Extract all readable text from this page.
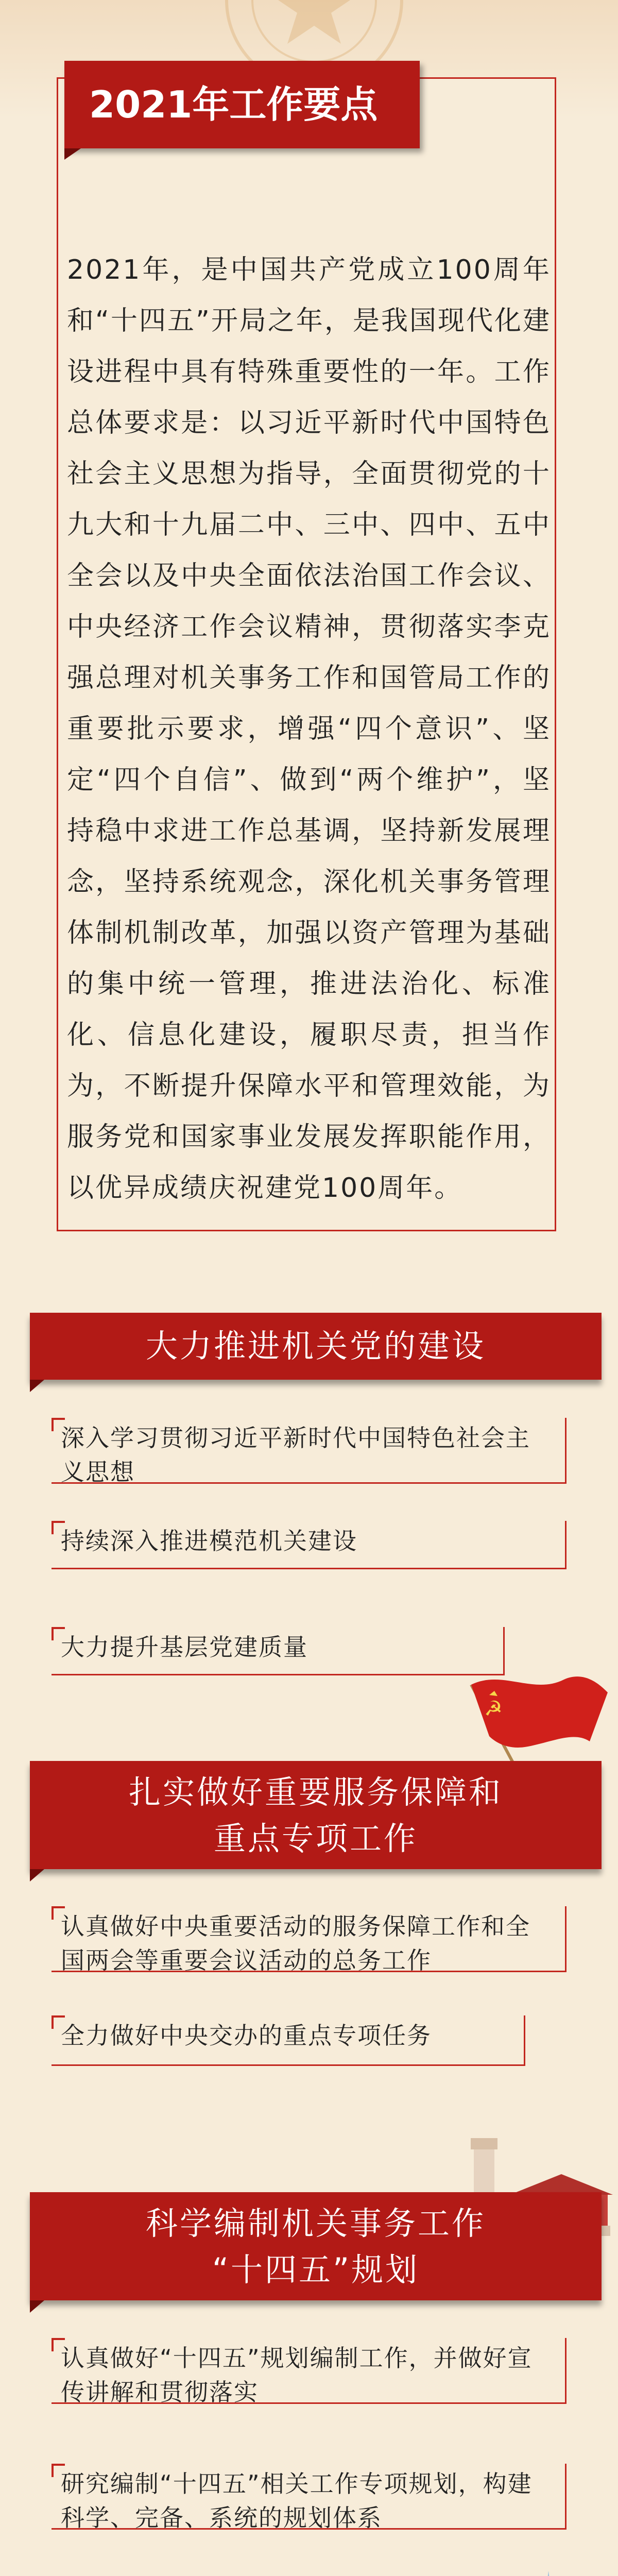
2021年工作要点
2021年，是中国共产党成立100周年和“十四五”开局之年，是我国现代化建设进程中具有特殊重要性的一年。工作总体要求是：以习近平新时代中国特色社会主义思想为指导，全面贯彻党的十九大和十九届二中、三中、四中、五中全会以及中央全面依法治国工作会议、中央经济工作会议精神，贯彻落实李克强总理对机关事务工作和国管局工作的重要批示要求，增强“四个意识”、坚定“四个自信”、做到“两个维护”，坚持稳中求进工作总基调，坚持新发展理念，坚持系统观念，深化机关事务管理体制机制改革，加强以资产管理为基础的集中统一管理，推进法治化、标准化、信息化建设，履职尽责，担当作为，不断提升保障水平和管理效能，为服务党和国家事业发展发挥职能作用，以优异成绩庆祝建党100周年。
大力推进机关党的建设
深入学习贯彻习近平新时代中国特色社会主义思想
持续深入推进模范机关建设
大力提升基层党建质量
☭
扎实做好重要服务保障和
重点专项工作
认真做好中央重要活动的服务保障工作和全国两会等重要会议活动的总务工作
全力做好中央交办的重点专项任务
科学编制机关事务工作
“十四五”规划
认真做好“十四五”规划编制工作，并做好宣传讲解和贯彻落实
研究编制“十四五”相关工作专项规划，构建科学、完备、系统的规划体系
